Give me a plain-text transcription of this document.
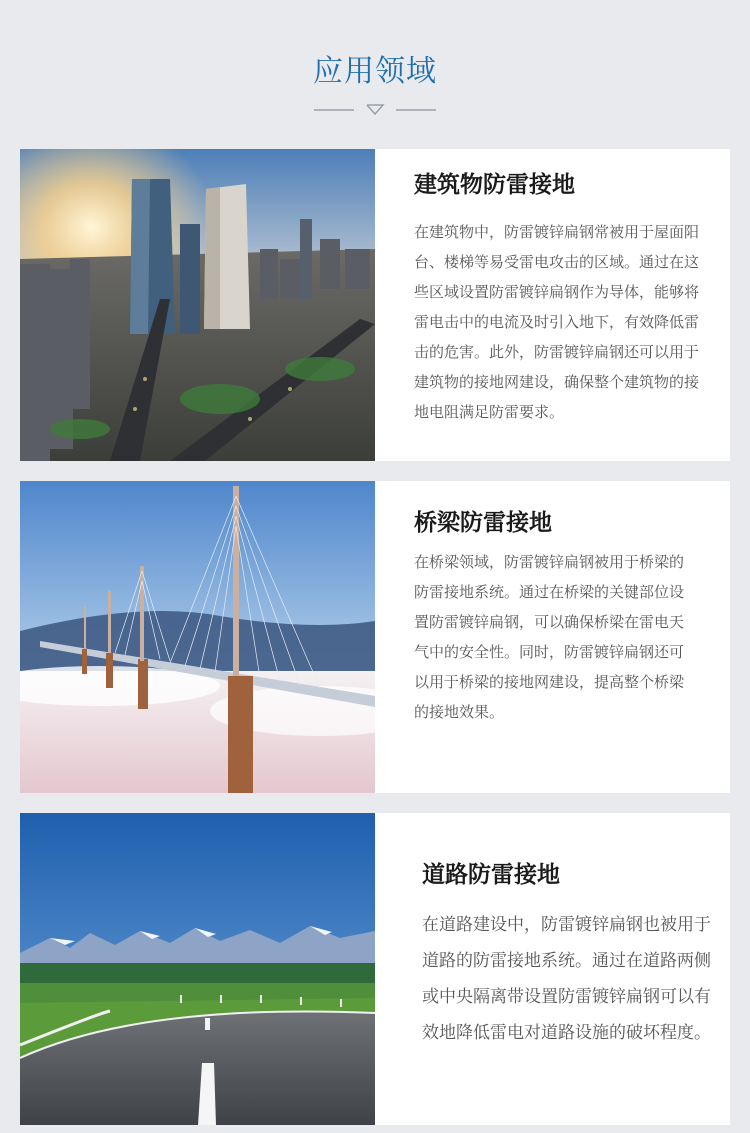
应用领域
建筑物防雷接地

在建筑物中，防雷镀锌扁钢常被用于屋面阳台、楼梯等易受雷电攻击的区域。通过在这些区域设置防雷镀锌扁钢作为导体，能够将雷电击中的电流及时引入地下，有效降低雷击的危害。此外，防雷镀锌扁钢还可以用于建筑物的接地网建设，确保整个建筑物的接地电阻满足防雷要求。

桥梁防雷接地

在桥梁领域，防雷镀锌扁钢被用于桥梁的防雷接地系统。通过在桥梁的关键部位设置防雷镀锌扁钢，可以确保桥梁在雷电天气中的安全性。同时，防雷镀锌扁钢还可以用于桥梁的接地网建设，提高整个桥梁的接地效果。

道路防雷接地

在道路建设中，防雷镀锌扁钢也被用于道路的防雷接地系统。通过在道路两侧或中央隔离带设置防雷镀锌扁钢可以有效地降低雷电对道路设施的破坏程度。
